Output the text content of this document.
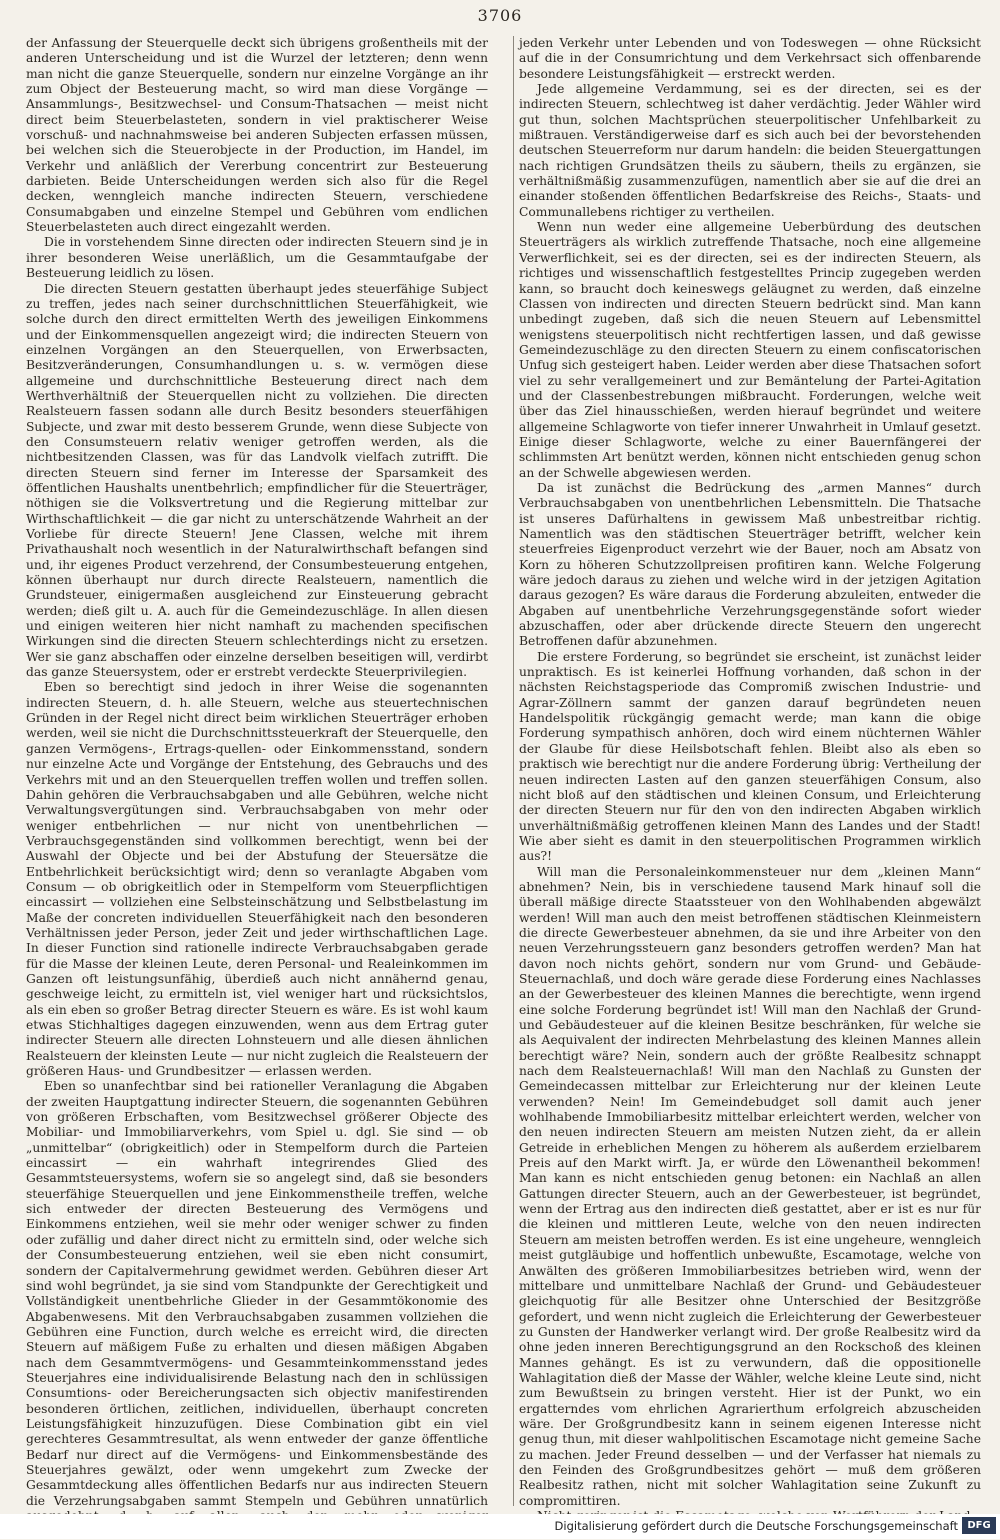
3706

der Anfassung der Steuerquelle deckt sich übrigens großentheils mit der anderen Unterscheidung und ist die Wurzel der letzteren; denn wenn man nicht die ganze Steuerquelle, sondern nur einzelne Vorgänge an ihr zum Object der Besteuerung macht, so wird man diese Vorgänge — Ansammlungs-, Besitzwechsel- und Consum-Thatsachen — meist nicht direct beim Steuerbelasteten, sondern in viel praktischerer Weise vorschuß- und nachnahmsweise bei anderen Subjecten erfassen müssen, bei welchen sich die Steuerobjecte in der Production, im Handel, im Verkehr und anläßlich der Vererbung concentrirt zur Besteuerung darbieten. Beide Unterscheidungen werden sich also für die Regel decken, wenngleich manche indirecten Steuern, verschiedene Consumabgaben und einzelne Stempel und Gebühren vom endlichen Steuerbelasteten auch direct eingezahlt werden.

Die in vorstehendem Sinne directen oder indirecten Steuern sind je in ihrer besonderen Weise unerläßlich, um die Gesammtaufgabe der Besteuerung leidlich zu lösen.

Die directen Steuern gestatten überhaupt jedes steuerfähige Subject zu treffen, jedes nach seiner durchschnittlichen Steuerfähigkeit, wie solche durch den direct ermittelten Werth des jeweiligen Einkommens und der Einkommensquellen angezeigt wird; die indirecten Steuern von einzelnen Vorgängen an den Steuerquellen, von Erwerbsacten, Besitzveränderungen, Consumhandlungen u. s. w. vermögen diese allgemeine und durchschnittliche Besteuerung direct nach dem Werthverhältniß der Steuerquellen nicht zu vollziehen. Die directen Realsteuern fassen sodann alle durch Besitz besonders steuerfähigen Subjecte, und zwar mit desto besserem Grunde, wenn diese Subjecte von den Consumsteuern relativ weniger getroffen werden, als die nichtbesitzenden Classen, was für das Landvolk vielfach zutrifft. Die directen Steuern sind ferner im Interesse der Sparsamkeit des öffentlichen Haushalts unentbehrlich; empfindlicher für die Steuerträger, nöthigen sie die Volksvertretung und die Regierung mittelbar zur Wirthschaftlichkeit — die gar nicht zu unterschätzende Wahrheit an der Vorliebe für directe Steuern! Jene Classen, welche mit ihrem Privathaushalt noch wesentlich in der Naturalwirthschaft befangen sind und, ihr eigenes Product verzehrend, der Consumbesteuerung entgehen, können überhaupt nur durch directe Realsteuern, namentlich die Grundsteuer, einigermaßen ausgleichend zur Einsteuerung gebracht werden; dieß gilt u. A. auch für die Gemeindezuschläge. In allen diesen und einigen weiteren hier nicht namhaft zu machenden specifischen Wirkungen sind die directen Steuern schlechterdings nicht zu ersetzen. Wer sie ganz abschaffen oder einzelne derselben beseitigen will, verdirbt das ganze Steuersystem, oder er erstrebt verdeckte Steuerprivilegien.

Eben so berechtigt sind jedoch in ihrer Weise die sogenannten indirecten Steuern, d. h. alle Steuern, welche aus steuertechnischen Gründen in der Regel nicht direct beim wirklichen Steuerträger erhoben werden, weil sie nicht die Durchschnittssteuerkraft der Steuerquelle, den ganzen Vermögens-, Ertrags-quellen- oder Einkommensstand, sondern nur einzelne Acte und Vorgänge der Entstehung, des Gebrauchs und des Verkehrs mit und an den Steuerquellen treffen wollen und treffen sollen. Dahin gehören die Verbrauchsabgaben und alle Gebühren, welche nicht Verwaltungsvergütungen sind. Verbrauchsabgaben von mehr oder weniger entbehrlichen — nur nicht von unentbehrlichen — Verbrauchsgegenständen sind vollkommen berechtigt, wenn bei der Auswahl der Objecte und bei der Abstufung der Steuersätze die Entbehrlichkeit berücksichtigt wird; denn so veranlagte Abgaben vom Consum — ob obrigkeitlich oder in Stempelform vom Steuerpflichtigen eincassirt — vollziehen eine Selbsteinschätzung und Selbstbelastung im Maße der concreten individuellen Steuerfähigkeit nach den besonderen Verhältnissen jeder Person, jeder Zeit und jeder wirthschaftlichen Lage. In dieser Function sind rationelle indirecte Verbrauchsabgaben gerade für die Masse der kleinen Leute, deren Personal- und Realeinkommen im Ganzen oft leistungsunfähig, überdieß auch nicht annähernd genau, geschweige leicht, zu ermitteln ist, viel weniger hart und rücksichtslos, als ein eben so großer Betrag directer Steuern es wäre. Es ist wohl kaum etwas Stichhaltiges dagegen einzuwenden, wenn aus dem Ertrag guter indirecter Steuern alle directen Lohnsteuern und alle diesen ähnlichen Realsteuern der kleinsten Leute — nur nicht zugleich die Realsteuern der größeren Haus- und Grundbesitzer — erlassen werden.

Eben so unanfechtbar sind bei rationeller Veranlagung die Abgaben der zweiten Hauptgattung indirecter Steuern, die sogenannten Gebühren von größeren Erbschaften, vom Besitzwechsel größerer Objecte des Mobiliar- und Immobiliarverkehrs, vom Spiel u. dgl. Sie sind — ob „unmittelbar“ (obrigkeitlich) oder in Stempelform durch die Parteien eincassirt — ein wahrhaft integrirendes Glied des Gesammtsteuersystems, wofern sie so angelegt sind, daß sie besonders steuerfähige Steuerquellen und jene Einkommenstheile treffen, welche sich entweder der directen Besteuerung des Vermögens und Einkommens entziehen, weil sie mehr oder weniger schwer zu finden oder zufällig und daher direct nicht zu ermitteln sind, oder welche sich der Consumbesteuerung entziehen, weil sie eben nicht consumirt, sondern der Capitalvermehrung gewidmet werden. Gebühren dieser Art sind wohl begründet, ja sie sind vom Standpunkte der Gerechtigkeit und Vollständigkeit unentbehrliche Glieder in der Gesammtökonomie des Abgabenwesens. Mit den Verbrauchsabgaben zusammen vollziehen die Gebühren eine Function, durch welche es erreicht wird, die directen Steuern auf mäßigem Fuße zu erhalten und diesen mäßigen Abgaben nach dem Gesammtvermögens- und Gesammteinkommensstand jedes Steuerjahres eine individualisirende Belastung nach den in schlüssigen Consumtions- oder Bereicherungsacten sich objectiv manifestirenden besonderen örtlichen, zeitlichen, individuellen, überhaupt concreten Leistungsfähigkeit hinzuzufügen. Diese Combination gibt ein viel gerechteres Gesammtresultat, als wenn entweder der ganze öffentliche Bedarf nur direct auf die Vermögens- und Einkommensbestände des Steuerjahres gewälzt, oder wenn umgekehrt zum Zwecke der Gesammtdeckung alles öffentlichen Bedarfs nur aus indirecten Steuern die Verzehrungsabgaben sammt Stempeln und Gebühren unnatürlich

jeden Verkehr unter Lebenden und von Todeswegen — ohne Rücksicht auf die in der Consumrichtung und dem Verkehrsact sich offenbarende besondere Leistungsfähigkeit — erstreckt werden.

Jede allgemeine Verdammung, sei es der directen, sei es der indirecten Steuern, schlechtweg ist daher verdächtig. Jeder Wähler wird gut thun, solchen Machtsprüchen steuerpolitischer Unfehlbarkeit zu mißtrauen. Verständigerweise darf es sich auch bei der bevorstehenden deutschen Steuerreform nur darum handeln: die beiden Steuergattungen nach richtigen Grundsätzen theils zu säubern, theils zu ergänzen, sie verhältnißmäßig zusammenzufügen, namentlich aber sie auf die drei an einander stoßenden öffentlichen Bedarfskreise des Reichs-, Staats- und Communallebens richtiger zu vertheilen.

Wenn nun weder eine allgemeine Ueberbürdung des deutschen Steuerträgers als wirklich zutreffende Thatsache, noch eine allgemeine Verwerflichkeit, sei es der directen, sei es der indirecten Steuern, als richtiges und wissenschaftlich festgestelltes Princip zugegeben werden kann, so braucht doch keineswegs geläugnet zu werden, daß einzelne Classen von indirecten und directen Steuern bedrückt sind. Man kann unbedingt zugeben, daß sich die neuen Steuern auf Lebensmittel wenigstens steuerpolitisch nicht rechtfertigen lassen, und daß gewisse Gemeindezuschläge zu den directen Steuern zu einem confiscatorischen Unfug sich gesteigert haben. Leider werden aber diese Thatsachen sofort viel zu sehr verallgemeinert und zur Bemäntelung der Partei-Agitation und der Classenbestrebungen mißbraucht. Forderungen, welche weit über das Ziel hinausschießen, werden hierauf begründet und weitere allgemeine Schlagworte von tiefer innerer Unwahrheit in Umlauf gesetzt. Einige dieser Schlagworte, welche zu einer Bauernfängerei der schlimmsten Art benützt werden, können nicht entschieden genug schon an der Schwelle abgewiesen werden.

Da ist zunächst die Bedrückung des „armen Mannes“ durch Verbrauchsabgaben von unentbehrlichen Lebensmitteln. Die Thatsache ist unseres Dafürhaltens in gewissem Maß unbestreitbar richtig. Namentlich was den städtischen Steuerträger betrifft, welcher kein steuerfreies Eigenproduct verzehrt wie der Bauer, noch am Absatz von Korn zu höheren Schutzzollpreisen profitiren kann. Welche Folgerung wäre jedoch daraus zu ziehen und welche wird in der jetzigen Agitation daraus gezogen? Es wäre daraus die Forderung abzuleiten, entweder die Abgaben auf unentbehrliche Verzehrungsgegenstände sofort wieder abzuschaffen, oder aber drückende directe Steuern den ungerecht Betroffenen dafür abzunehmen.

Die erstere Forderung, so begründet sie erscheint, ist zunächst leider unpraktisch. Es ist keinerlei Hoffnung vorhanden, daß schon in der nächsten Reichstagsperiode das Compromiß zwischen Industrie- und Agrar-Zöllnern sammt der ganzen darauf begründeten neuen Handelspolitik rückgängig gemacht werde; man kann die obige Forderung sympathisch anhören, doch wird einem nüchternen Wähler der Glaube für diese Heilsbotschaft fehlen. Bleibt also als eben so praktisch wie berechtigt nur die andere Forderung übrig: Vertheilung der neuen indirecten Lasten auf den ganzen steuerfähigen Consum, also nicht bloß auf den städtischen und kleinen Consum, und Erleichterung der directen Steuern nur für den von den indirecten Abgaben wirklich unverhältnißmäßig getroffenen kleinen Mann des Landes und der Stadt! Wie aber sieht es damit in den steuerpolitischen Programmen wirklich aus?!

Will man die Personaleinkommensteuer nur dem „kleinen Mann“ abnehmen? Nein, bis in verschiedene tausend Mark hinauf soll die überall mäßige directe Staatssteuer von den Wohlhabenden abgewälzt werden! Will man auch den meist betroffenen städtischen Kleinmeistern die directe Gewerbesteuer abnehmen, da sie und ihre Arbeiter von den neuen Verzehrungssteuern ganz besonders getroffen werden? Man hat davon noch nichts gehört, sondern nur vom Grund- und Gebäude-Steuernachlaß, und doch wäre gerade diese Forderung eines Nachlasses an der Gewerbesteuer des kleinen Mannes die berechtigte, wenn irgend eine solche Forderung begründet ist! Will man den Nachlaß der Grund- und Gebäudesteuer auf die kleinen Besitze beschränken, für welche sie als Aequivalent der indirecten Mehrbelastung des kleinen Mannes allein berechtigt wäre? Nein, sondern auch der größte Realbesitz schnappt nach dem Realsteuernachlaß! Will man den Nachlaß zu Gunsten der Gemeindecassen mittelbar zur Erleichterung nur der kleinen Leute verwenden? Nein! Im Gemeindebudget soll damit auch jener wohlhabende Immobiliarbesitz mittelbar erleichtert werden, welcher von den neuen indirecten Steuern am meisten Nutzen zieht, da er allein Getreide in erheblichen Mengen zu höherem als außerdem erzielbarem Preis auf den Markt wirft. Ja, er würde den Löwenantheil bekommen! Man kann es nicht entschieden genug betonen: ein Nachlaß an allen Gattungen directer Steuern, auch an der Gewerbesteuer, ist begründet, wenn der Ertrag aus den indirecten dieß gestattet, aber er ist es nur für die kleinen und mittleren Leute, welche von den neuen indirecten Steuern am meisten betroffen werden. Es ist eine ungeheure, wenngleich meist gutgläubige und hoffentlich unbewußte, Escamotage, welche von Anwälten des größeren Immobiliarbesitzes betrieben wird, wenn der mittelbare und unmittelbare Nachlaß der Grund- und Gebäudesteuer gleichquotig für alle Besitzer ohne Unterschied der Besitzgröße gefordert, und wenn nicht zugleich die Erleichterung der Gewerbesteuer zu Gunsten der Handwerker verlangt wird. Der große Realbesitz wird da ohne jeden inneren Berechtigungsgrund an den Rockschoß des kleinen Mannes gehängt. Es ist zu verwundern, daß die oppositionelle Wahlagitation dieß der Masse der Wähler, welche kleine Leute sind, nicht zum Bewußtsein zu bringen versteht. Hier ist der Punkt, wo ein ergatterndes vom ehrlichen Agrarierthum erfolgreich abzuscheiden wäre. Der Großgrundbesitz kann in seinem eigenen Interesse nicht genug thun, mit dieser wahlpolitischen Escamotage nicht gemeine Sache zu machen. Jeder Freund desselben — und der Verfasser hat niemals zu den Feinden des Großgrundbesitzes gehört — muß dem größeren Realbesitz rathen, nicht mit solcher Wahlagitation seine Zukunft zu compromittiren.

Digitalisierung gefördert durch die Deutsche Forschungsgemeinschaft DFG
